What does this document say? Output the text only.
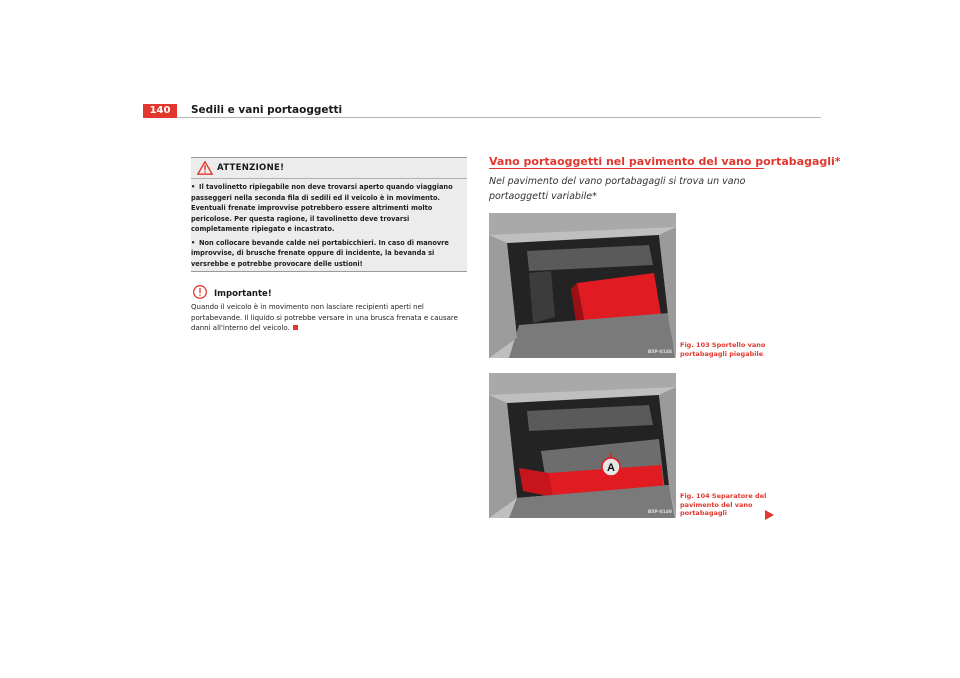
140	Sedili e vani portaoggetti
ATTENZIONE!

• Il tavolinetto ripiegabile non deve trovarsi aperto quando viaggiano passeggeri nella seconda fila di sedili ed il veicolo è in movimento. Eventuali frenate improvvise potrebbero essere altrimenti molto pericolose. Per questa ragione, il tavolinetto deve trovarsi completamente ripiegato e incastrato.

• Non collocare bevande calde nei portabicchieri. In caso di manovre improvvise, di brusche frenate oppure di incidente, la bevanda si versrebbe e potrebbe provocare delle ustioni!

Importante!
Quando il veicolo è in movimento non lasciare recipienti aperti nel portabevande. Il liquido si potrebbe versare in una brusca frenata e causare danni all'interno del veicolo.
Vano portaoggetti nel pavimento del vano portabagagli*
Nel pavimento del vano portabagagli si trova un vano portaoggetti variabile*
B5P-0148
Fig. 103 Sportello vano portabagagli piegabile
A
B5P-0149
Fig. 104 Separatore del pavimento del vano portabagagli
